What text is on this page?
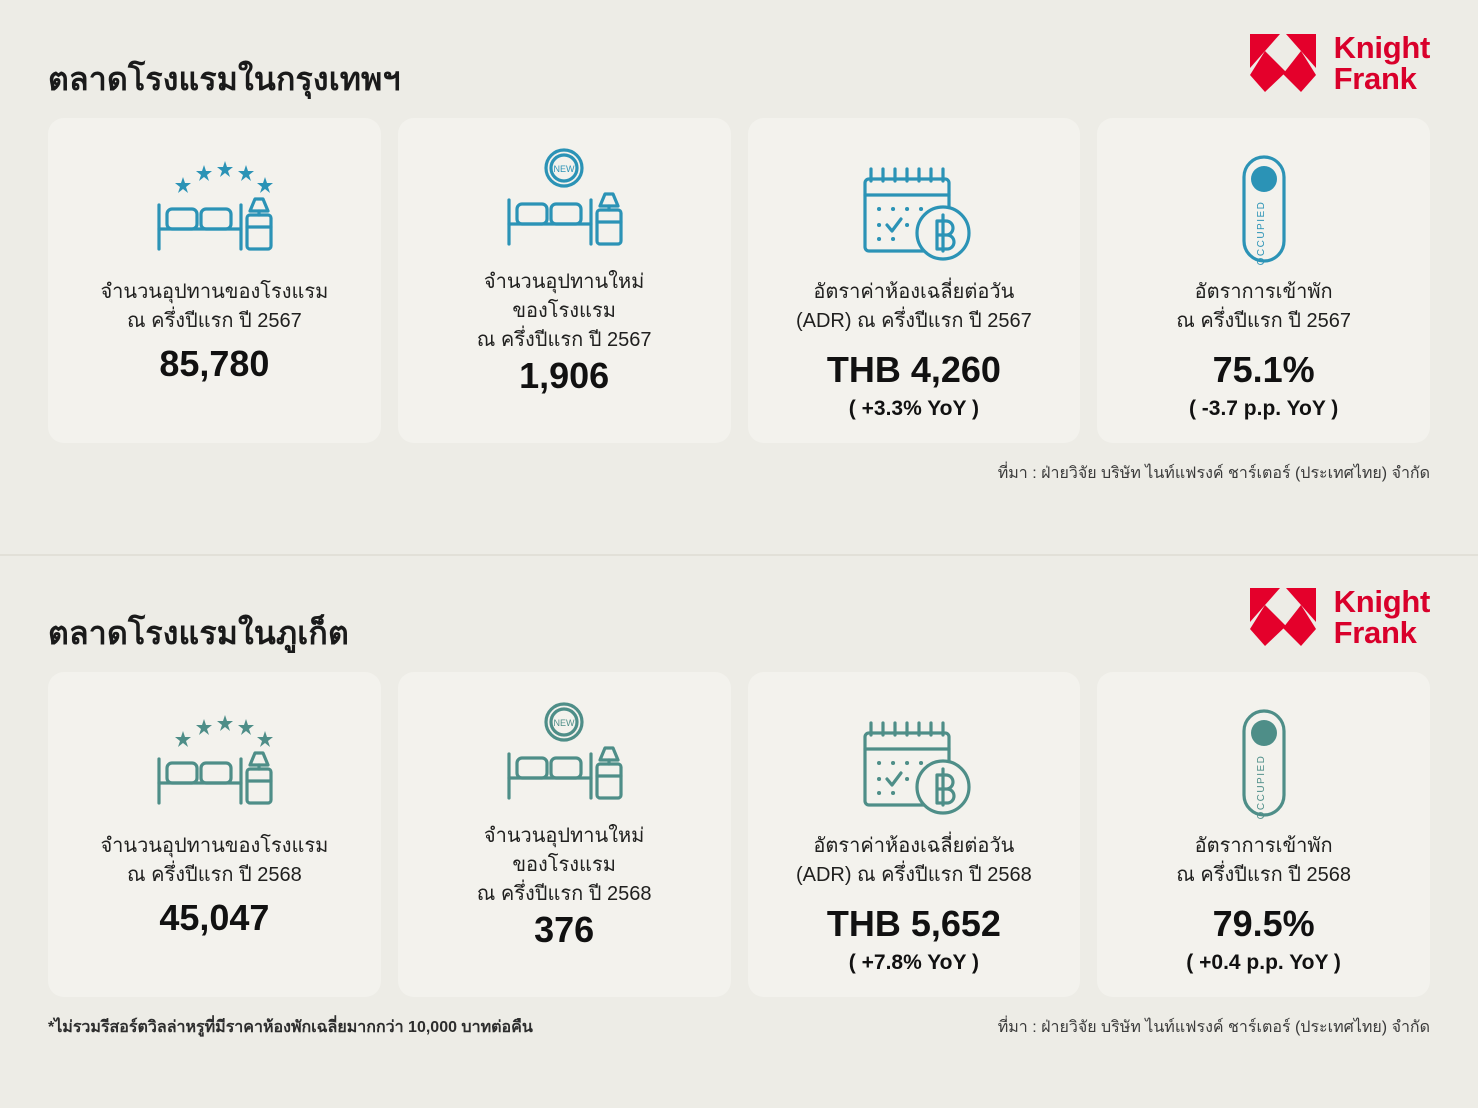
ตลาดโรงแรมในกรุงเทพฯ
Knight
Frank
จำนวนอุปทานของโรงแรม
ณ ครึ่งปีแรก ปี 2567
85,780
NEW
จำนวนอุปทานใหม่
ของโรงแรม
ณ ครึ่งปีแรก ปี 2567
1,906
อัตราค่าห้องเฉลี่ยต่อวัน
(ADR) ณ ครึ่งปีแรก ปี 2567
THB 4,260
( +3.3% YoY )
OCCUPIED
อัตราการเข้าพัก
ณ ครึ่งปีแรก ปี 2567
75.1%
( -3.7 p.p. YoY )
ที่มา : ฝ่ายวิจัย บริษัท ไนท์แฟรงค์ ชาร์เตอร์ (ประเทศไทย) จำกัด
ตลาดโรงแรมในภูเก็ต
Knight
Frank
จำนวนอุปทานของโรงแรม
ณ ครึ่งปีแรก ปี 2568
45,047
NEW
จำนวนอุปทานใหม่
ของโรงแรม
ณ ครึ่งปีแรก ปี 2568
376
อัตราค่าห้องเฉลี่ยต่อวัน
(ADR) ณ ครึ่งปีแรก ปี 2568
THB 5,652
( +7.8% YoY )
OCCUPIED
อัตราการเข้าพัก
ณ ครึ่งปีแรก ปี 2568
79.5%
( +0.4 p.p. YoY )
*ไม่รวมรีสอร์ตวิลล่าหรูที่มีราคาห้องพักเฉลี่ยมากกว่า 10,000 บาทต่อคืน	ที่มา : ฝ่ายวิจัย บริษัท ไนท์แฟรงค์ ชาร์เตอร์ (ประเทศไทย) จำกัด
